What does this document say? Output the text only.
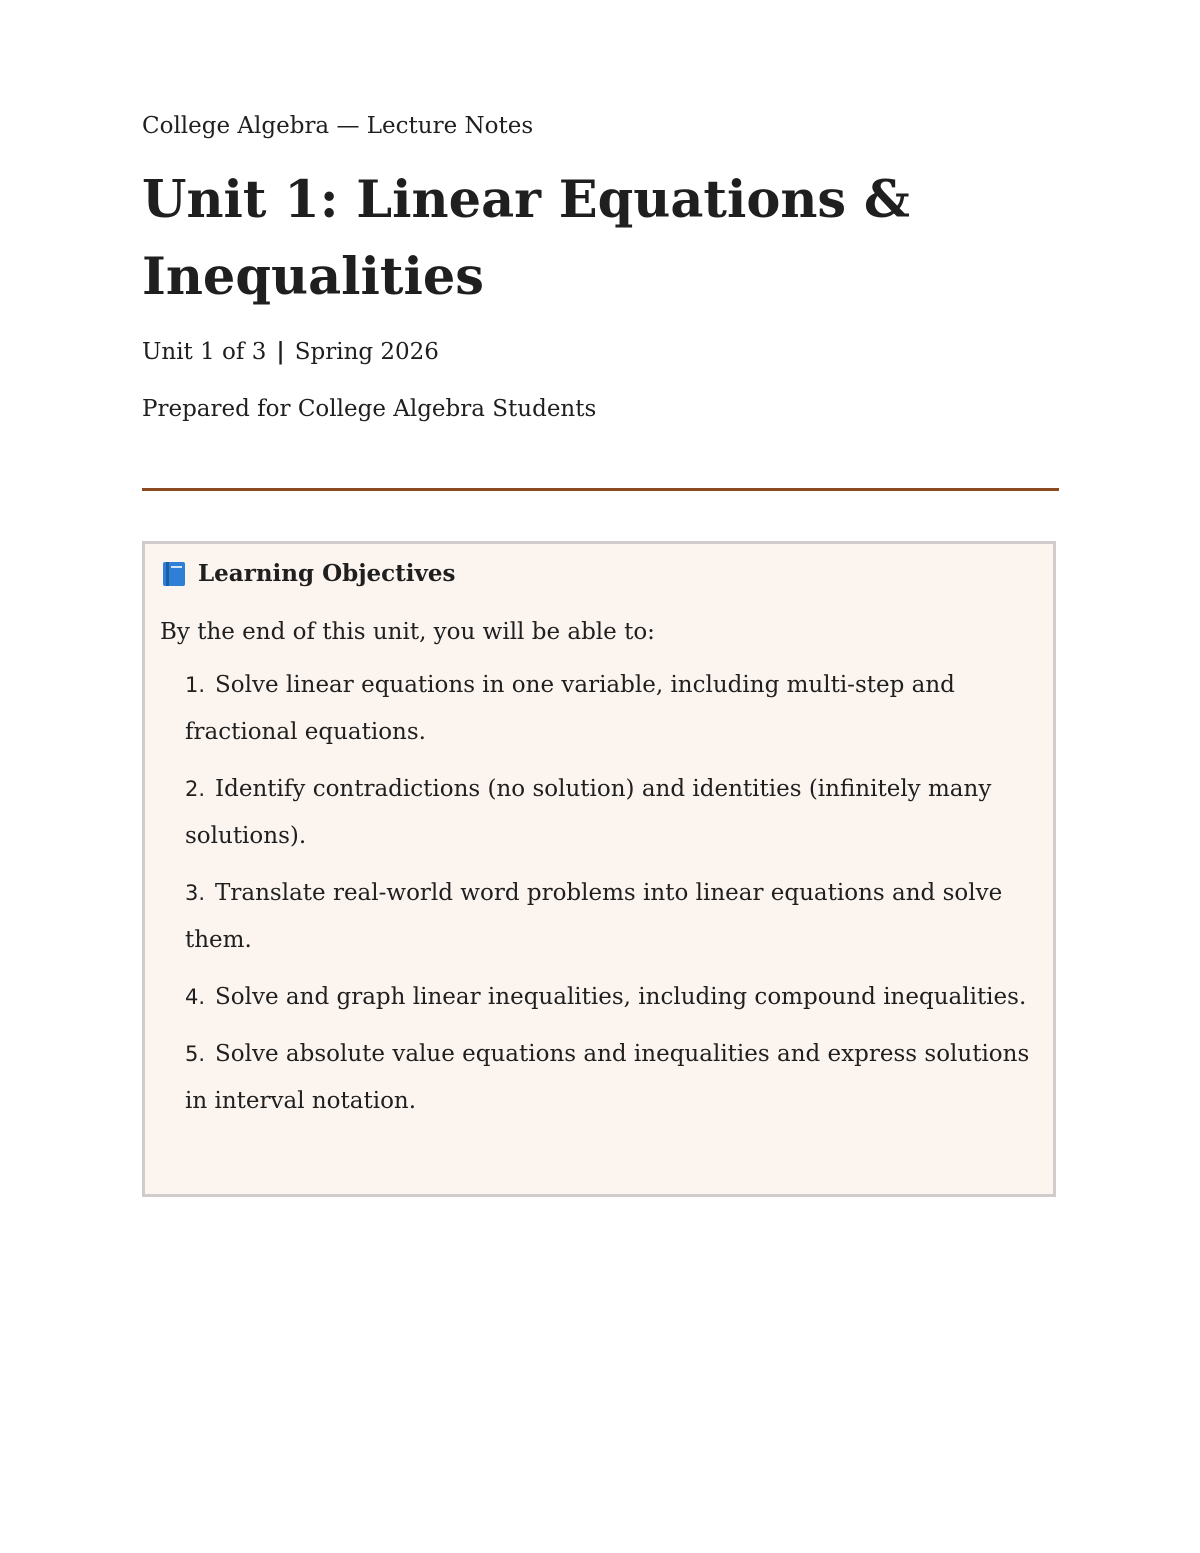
College Algebra — Lecture Notes
Unit 1: Linear Equations & Inequalities
Unit 1 of 3 | Spring 2026
Prepared for College Algebra Students
Learning Objectives
By the end of this unit, you will be able to:
1. Solve linear equations in one variable, including multi-step and fractional equations.
2. Identify contradictions (no solution) and identities (infinitely many solutions).
3. Translate real-world word problems into linear equations and solve them.
4. Solve and graph linear inequalities, including compound inequalities.
5. Solve absolute value equations and inequalities and express solutions in interval notation.
